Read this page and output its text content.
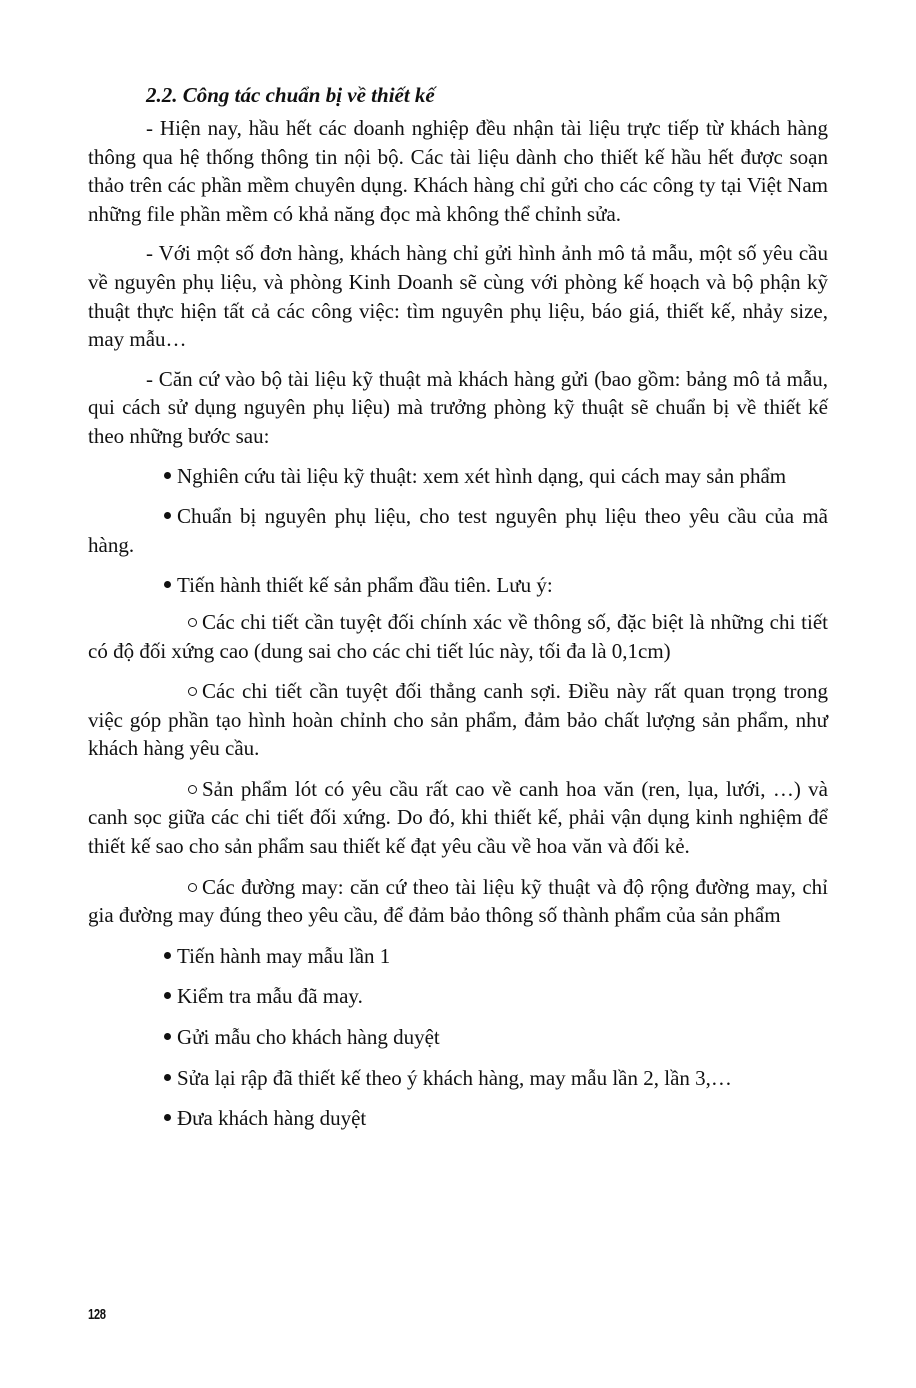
2.2. Công tác chuẩn bị về thiết kế

- Hiện nay, hầu hết các doanh nghiệp đều nhận tài liệu trực tiếp từ khách hàng thông qua hệ thống thông tin nội bộ. Các tài liệu dành cho thiết kế hầu hết được soạn thảo trên các phần mềm chuyên dụng. Khách hàng chỉ gửi cho các công ty tại Việt Nam những file phần mềm có khả năng đọc mà không thể chỉnh sửa.

- Với một số đơn hàng, khách hàng chỉ gửi hình ảnh mô tả mẫu, một số yêu cầu về nguyên phụ liệu, và phòng Kinh Doanh sẽ cùng với phòng kế hoạch và bộ phận kỹ thuật thực hiện tất cả các công việc: tìm nguyên phụ liệu, báo giá, thiết kế, nhảy size, may mẫu…

- Căn cứ vào bộ tài liệu kỹ thuật mà khách hàng gửi (bao gồm: bảng mô tả mẫu, qui cách sử dụng nguyên phụ liệu) mà trưởng phòng kỹ thuật sẽ chuẩn bị về thiết kế theo những bước sau:

Nghiên cứu tài liệu kỹ thuật: xem xét hình dạng, qui cách may sản phẩm

Chuẩn bị nguyên phụ liệu, cho test nguyên phụ liệu theo yêu cầu của mã hàng.

Tiến hành thiết kế sản phẩm đầu tiên. Lưu ý:

Các chi tiết cần tuyệt đối chính xác về thông số, đặc biệt là những chi tiết có độ đối xứng cao (dung sai cho các chi tiết lúc này, tối đa là 0,1cm)

Các chi tiết cần tuyệt đối thẳng canh sợi. Điều này rất quan trọng trong việc góp phần tạo hình hoàn chỉnh cho sản phẩm, đảm bảo chất lượng sản phẩm, như khách hàng yêu cầu.

Sản phẩm lót có yêu cầu rất cao về canh hoa văn (ren, lụa, lưới, …) và canh sọc giữa các chi tiết đối xứng. Do đó, khi thiết kế, phải vận dụng kinh nghiệm để thiết kế sao cho sản phẩm sau thiết kế đạt yêu cầu về hoa văn và đối kẻ.

Các đường may: căn cứ theo tài liệu kỹ thuật và độ rộng đường may, chỉ gia đường may đúng theo yêu cầu, để đảm bảo thông số thành phẩm của sản phẩm

Tiến hành may mẫu lần 1

Kiểm tra mẫu đã may.

Gửi mẫu cho khách hàng duyệt

Sửa lại rập đã thiết kế theo ý khách hàng, may mẫu lần 2, lần 3,…

Đưa khách hàng duyệt

128
